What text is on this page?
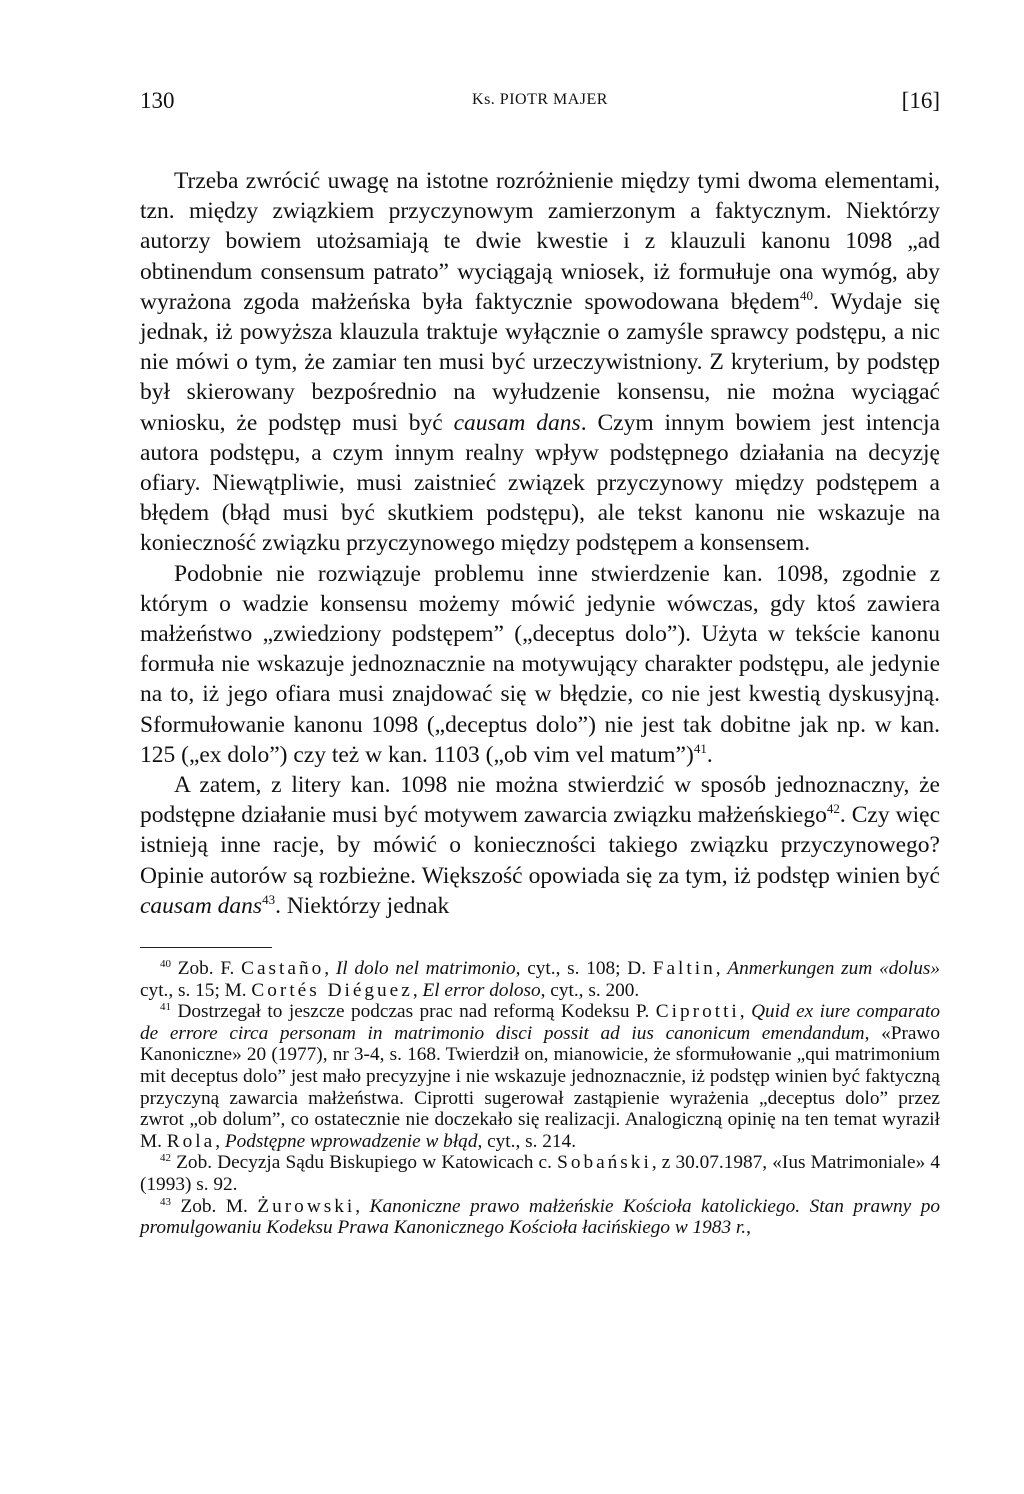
130	Ks. PIOTR MAJER	[16]

Trzeba zwrócić uwagę na istotne rozróżnienie między tymi dwoma elementami, tzn. między związkiem przyczynowym zamierzonym a faktycznym. Niektórzy autorzy bowiem utożsamiają te dwie kwestie i z klauzuli kanonu 1098 „ad obtinendum consensum patrato” wyciągają wniosek, iż formułuje ona wymóg, aby wyrażona zgoda małżeńska była faktycznie spowodowana błędem$^{40}$. Wydaje się jednak, iż powyższa klauzula traktuje wyłącznie o zamyśle sprawcy podstępu, a nic nie mówi o tym, że zamiar ten musi być urzeczywistniony. Z kryterium, by podstęp był skierowany bezpośrednio na wyłudzenie konsensu, nie można wyciągać wniosku, że podstęp musi być causam dans. Czym innym bowiem jest intencja autora podstępu, a czym innym realny wpływ podstępnego działania na decyzję ofiary. Niewątpliwie, musi zaistnieć związek przyczynowy między podstępem a błędem (błąd musi być skutkiem podstępu), ale tekst kanonu nie wskazuje na konieczność związku przyczynowego między podstępem a konsensem.

Podobnie nie rozwiązuje problemu inne stwierdzenie kan. 1098, zgodnie z którym o wadzie konsensu możemy mówić jedynie wówczas, gdy ktoś zawiera małżeństwo „zwiedziony podstępem” („deceptus dolo”). Użyta w tekście kanonu formuła nie wskazuje jednoznacznie na motywujący charakter podstępu, ale jedynie na to, iż jego ofiara musi znajdować się w błędzie, co nie jest kwestią dyskusyjną. Sformułowanie kanonu 1098 („deceptus dolo”) nie jest tak dobitne jak np. w kan. 125 („ex dolo”) czy też w kan. 1103 („ob vim vel matum”)$^{41}$.

A zatem, z litery kan. 1098 nie można stwierdzić w sposób jednoznaczny, że podstępne działanie musi być motywem zawarcia związku małżeńskiego$^{42}$. Czy więc istnieją inne racje, by mówić o konieczności takiego związku przyczynowego? Opinie autorów są rozbieżne. Większość opowiada się za tym, iż podstęp winien być causam dans$^{43}$. Niektórzy jednak

$^{40}$ Zob. F. Castaño, Il dolo nel matrimonio, cyt., s. 108; D. Faltin, Anmerkungen zum «dolus» cyt., s. 15; M. Cortés Diéguez, El error doloso, cyt., s. 200.

$^{41}$ Dostrzegał to jeszcze podczas prac nad reformą Kodeksu P. Ciprotti, Quid ex iure comparato de errore circa personam in matrimonio disci possit ad ius canonicum emendandum, «Prawo Kanoniczne» 20 (1977), nr 3-4, s. 168. Twierdził on, mianowicie, że sformułowanie „qui matrimonium mit deceptus dolo” jest mało precyzyjne i nie wskazuje jednoznacznie, iż podstęp winien być faktyczną przyczyną zawarcia małżeństwa. Ciprotti sugerował zastąpienie wyrażenia „deceptus dolo” przez zwrot „ob dolum”, co ostatecznie nie doczekało się realizacji. Analogiczną opinię na ten temat wyraził M. Rola, Podstępne wprowadzenie w błąd, cyt., s. 214.

$^{42}$ Zob. Decyzja Sądu Biskupiego w Katowicach c. Sobański, z 30.07.1987, «Ius Matrimoniale» 4 (1993) s. 92.

$^{43}$ Zob. M. Żurowski, Kanoniczne prawo małżeńskie Kościoła katolickiego. Stan prawny po promulgowaniu Kodeksu Prawa Kanonicznego Kościoła łacińskiego w 1983 r.,
